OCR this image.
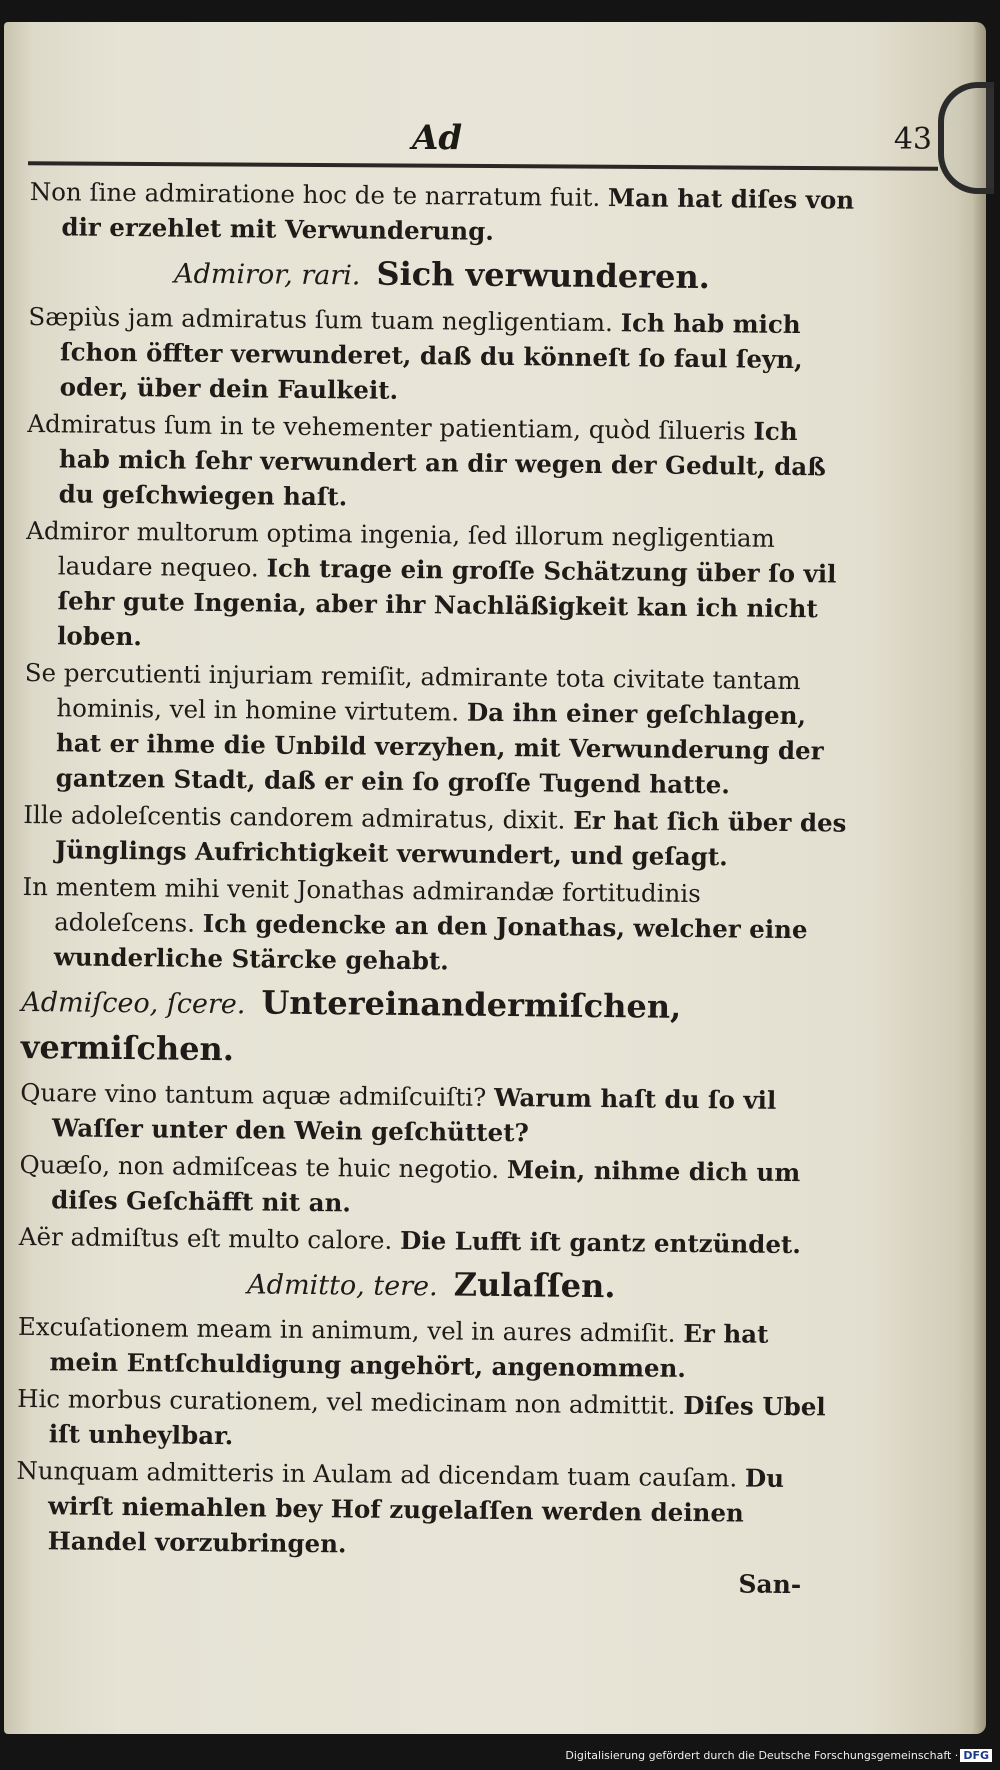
Ad	43

Non ſine admiratione hoc de te narratum fuit. Man hat diſes von dir erzehlet mit Verwunderung.

Admiror, rari. Sich verwunderen.

Sæpiùs jam admiratus ſum tuam negligentiam. Ich hab mich ſchon öffter verwunderet, daß du könneſt ſo faul ſeyn, oder, über dein Faulkeit.

Admiratus ſum in te vehementer patientiam, quòd ſilueris Ich hab mich ſehr verwundert an dir wegen der Gedult, daß du geſchwiegen haſt.

Admiror multorum optima ingenia, ſed illorum negligentiam laudare nequeo. Ich trage ein groſſe Schätzung über ſo vil ſehr gute Ingenia, aber ihr Nachläßigkeit kan ich nicht loben.

Se percutienti injuriam remiſit, admirante tota civitate tantam hominis, vel in homine virtutem. Da ihn einer geſchlagen, hat er ihme die Unbild verzyhen, mit Verwunderung der gantzen Stadt, daß er ein ſo groſſe Tugend hatte.

Ille adoleſcentis candorem admiratus, dixit. Er hat ſich über des Jünglings Aufrichtigkeit verwundert, und geſagt.

In mentem mihi venit Jonathas admirandæ fortitudinis adoleſcens. Ich gedencke an den Jonathas, welcher eine wunderliche Stärcke gehabt.

Admiſceo, ſcere. Untereinandermiſchen, vermiſchen.

Quare vino tantum aquæ admiſcuiſti? Warum haſt du ſo vil Waſſer unter den Wein geſchüttet?

Quæſo, non admiſceas te huic negotio. Mein, nihme dich um diſes Geſchäfft nit an.

Aër admiſtus eſt multo calore. Die Lufft iſt gantz entzündet.

Admitto, tere. Zulaſſen.

Excuſationem meam in animum, vel in aures admiſit. Er hat mein Entſchuldigung angehört, angenommen.

Hic morbus curationem, vel medicinam non admittit. Diſes Ubel iſt unheylbar.

Nunquam admitteris in Aulam ad dicendam tuam cauſam. Du wirſt niemahlen bey Hof zugelaſſen werden deinen Handel vorzubringen.

San-
Digitalisierung gefördert durch die Deutsche Forschungsgemeinschaft · DFG
